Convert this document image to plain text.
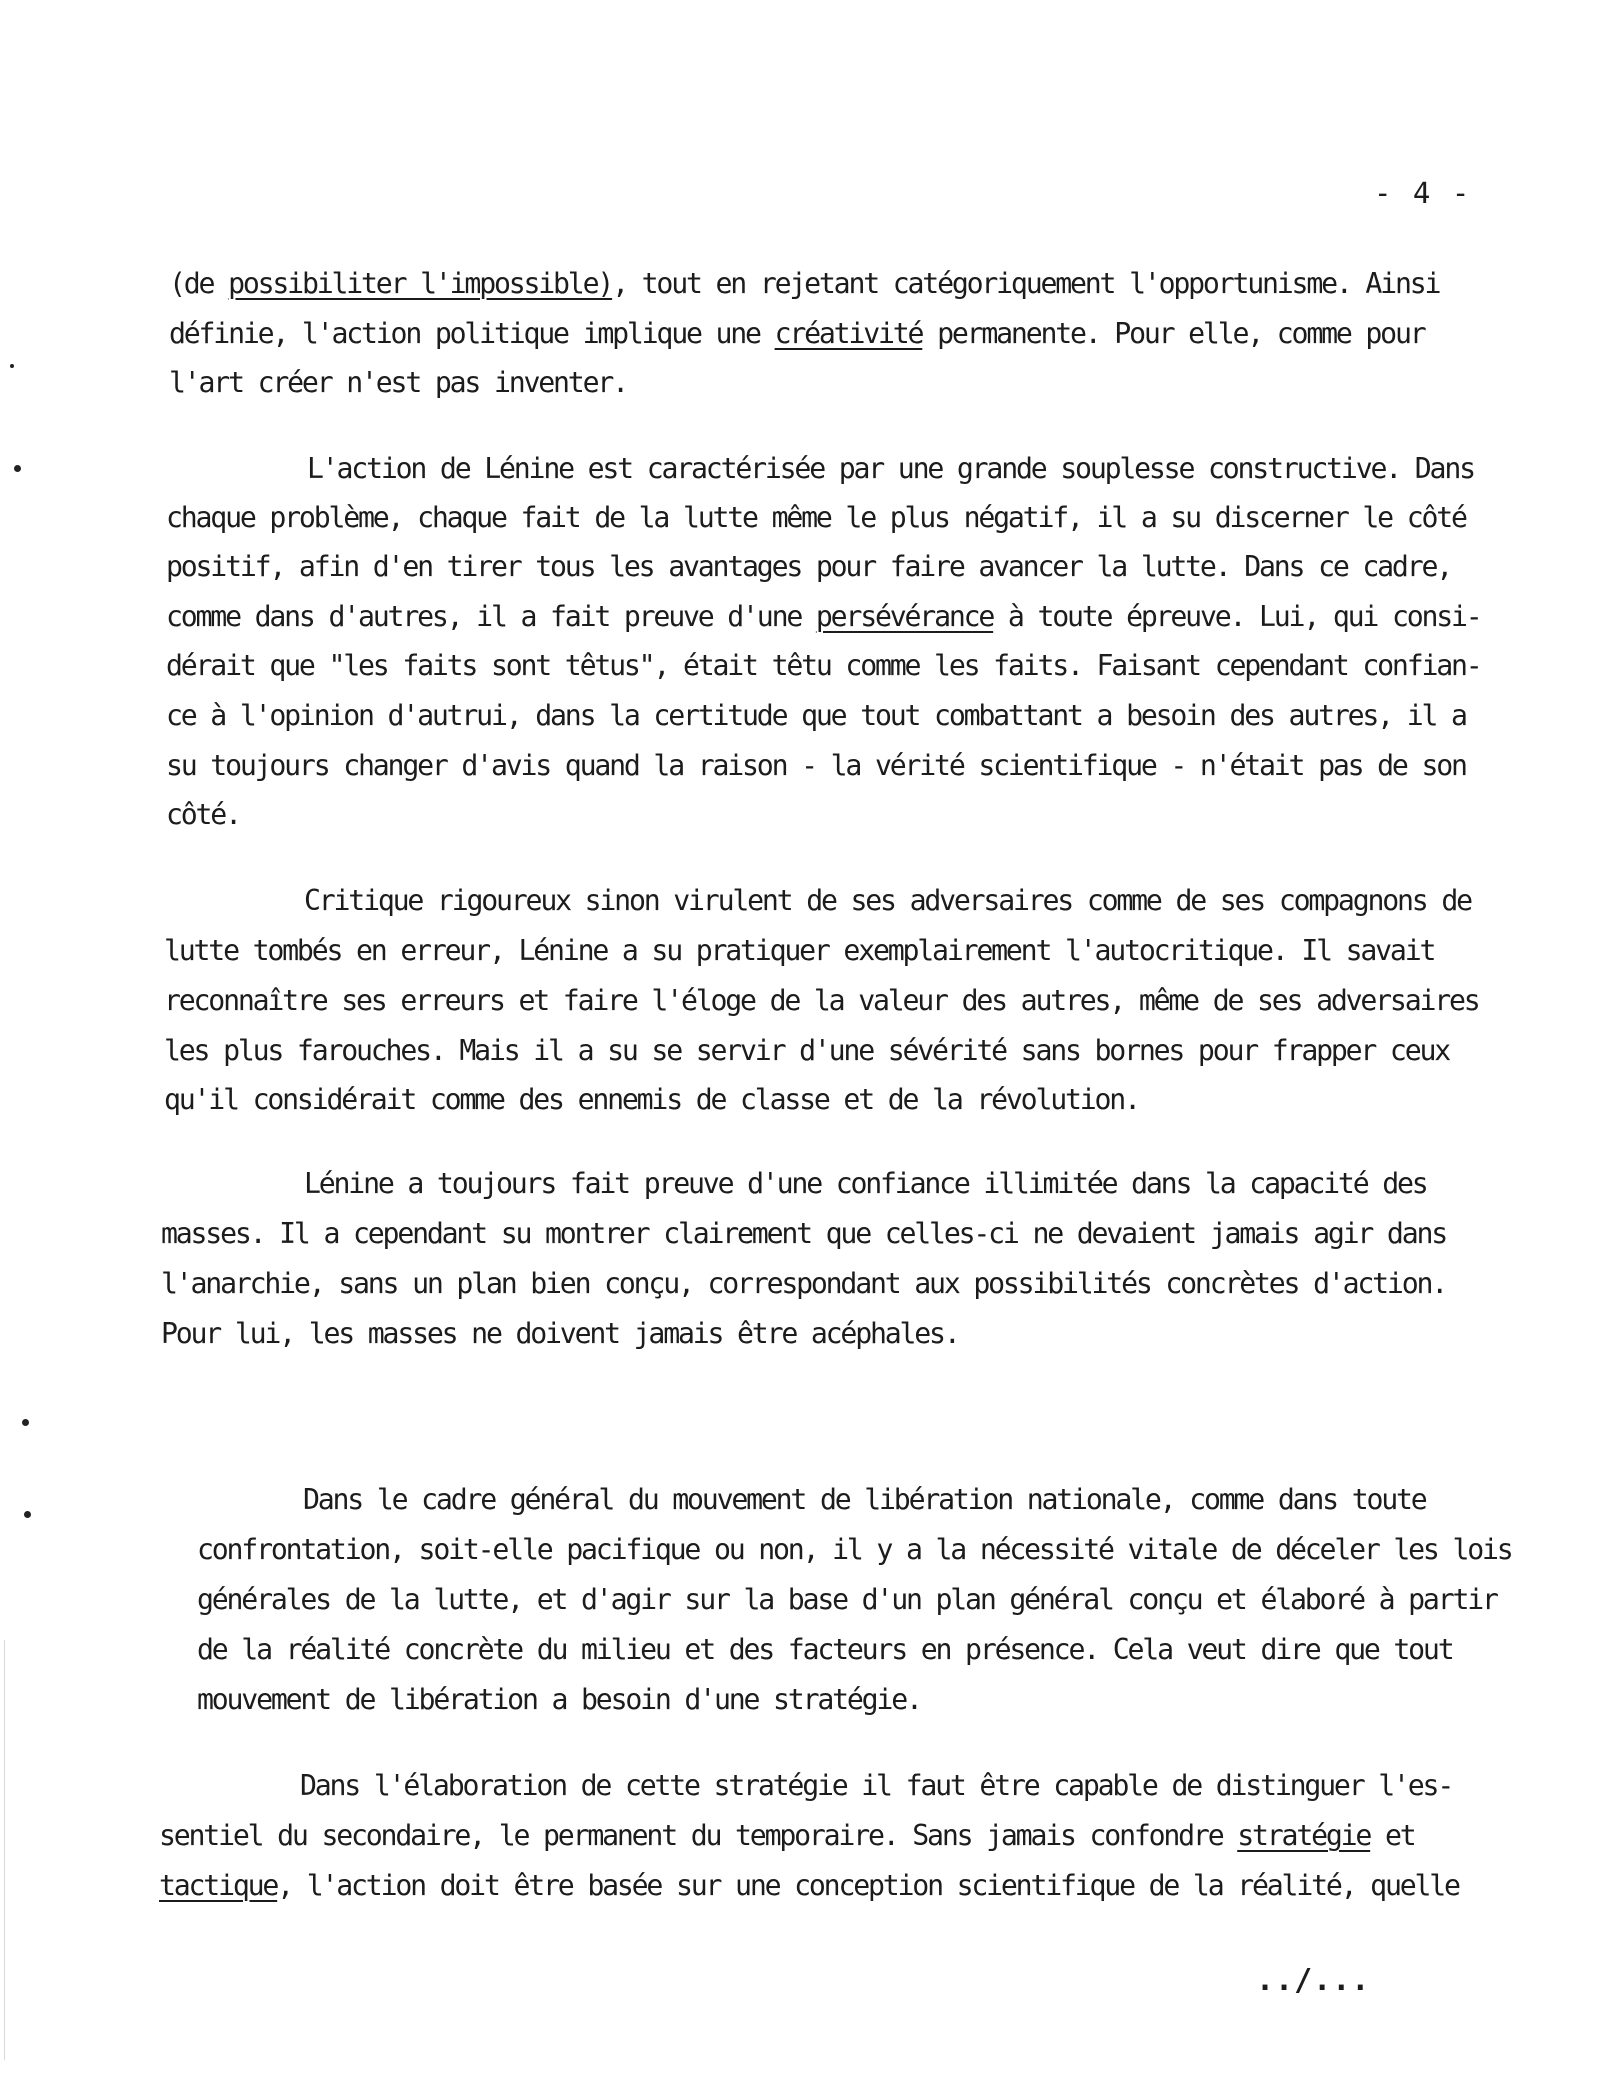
- 4 -
(de possibiliter l'impossible), tout en rejetant catégoriquement l'opportunisme. Ainsi
définie, l'action politique implique une créativité permanente. Pour elle, comme pour
l'art créer n'est pas inventer.
L'action de Lénine est caractérisée par une grande souplesse constructive. Dans
chaque problème, chaque fait de la lutte même le plus négatif, il a su discerner le côté
positif, afin d'en tirer tous les avantages pour faire avancer la lutte. Dans ce cadre,
comme dans d'autres, il a fait preuve d'une persévérance à toute épreuve. Lui, qui consi-
dérait que "les faits sont têtus", était têtu comme les faits. Faisant cependant confian-
ce à l'opinion d'autrui, dans la certitude que tout combattant a besoin des autres, il a
su toujours changer d'avis quand la raison - la vérité scientifique - n'était pas de son
côté.
Critique rigoureux sinon virulent de ses adversaires comme de ses compagnons de
lutte tombés en erreur, Lénine a su pratiquer exemplairement l'autocritique. Il savait
reconnaître ses erreurs et faire l'éloge de la valeur des autres, même de ses adversaires
les plus farouches. Mais il a su se servir d'une sévérité sans bornes pour frapper ceux
qu'il considérait comme des ennemis de classe et de la révolution.
Lénine a toujours fait preuve d'une confiance illimitée dans la capacité des
masses. Il a cependant su montrer clairement que celles-ci ne devaient jamais agir dans
l'anarchie, sans un plan bien conçu, correspondant aux possibilités concrètes d'action.
Pour lui, les masses ne doivent jamais être acéphales.
Dans le cadre général du mouvement de libération nationale, comme dans toute
confrontation, soit-elle pacifique ou non, il y a la nécessité vitale de déceler les lois
générales de la lutte, et d'agir sur la base d'un plan général conçu et élaboré à partir
de la réalité concrète du milieu et des facteurs en présence. Cela veut dire que tout
mouvement de libération a besoin d'une stratégie.
Dans l'élaboration de cette stratégie il faut être capable de distinguer l'es-
sentiel du secondaire, le permanent du temporaire. Sans jamais confondre stratégie et
tactique, l'action doit être basée sur une conception scientifique de la réalité, quelle
../...
